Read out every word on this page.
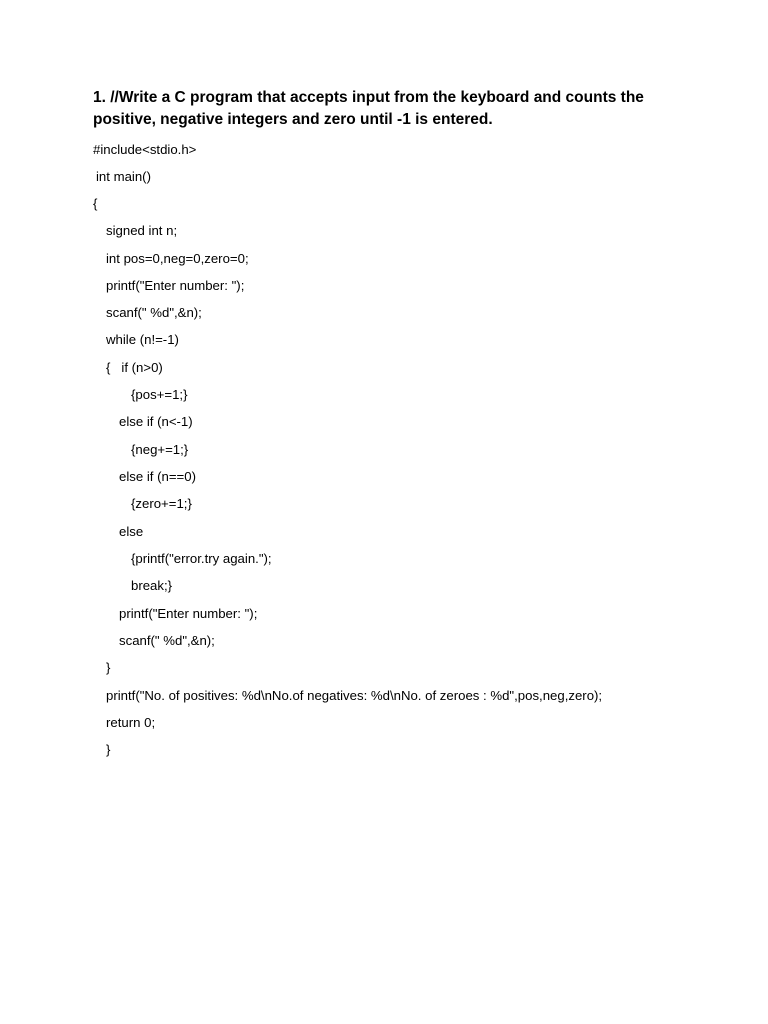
1. //Write a C program that accepts input from the keyboard and counts the
positive, negative integers and zero until -1 is entered.
#include<stdio.h>
int main()
{
signed int n;
int pos=0,neg=0,zero=0;
printf("Enter number: ");
scanf(" %d",&n);
while (n!=-1)
{   if (n>0)
{pos+=1;}
else if (n<-1)
{neg+=1;}
else if (n==0)
{zero+=1;}
else
{printf("error.try again.");
break;}
printf("Enter number: ");
scanf(" %d",&n);
}
printf("No. of positives: %d\nNo.of negatives: %d\nNo. of zeroes : %d",pos,neg,zero);
return 0;
}
